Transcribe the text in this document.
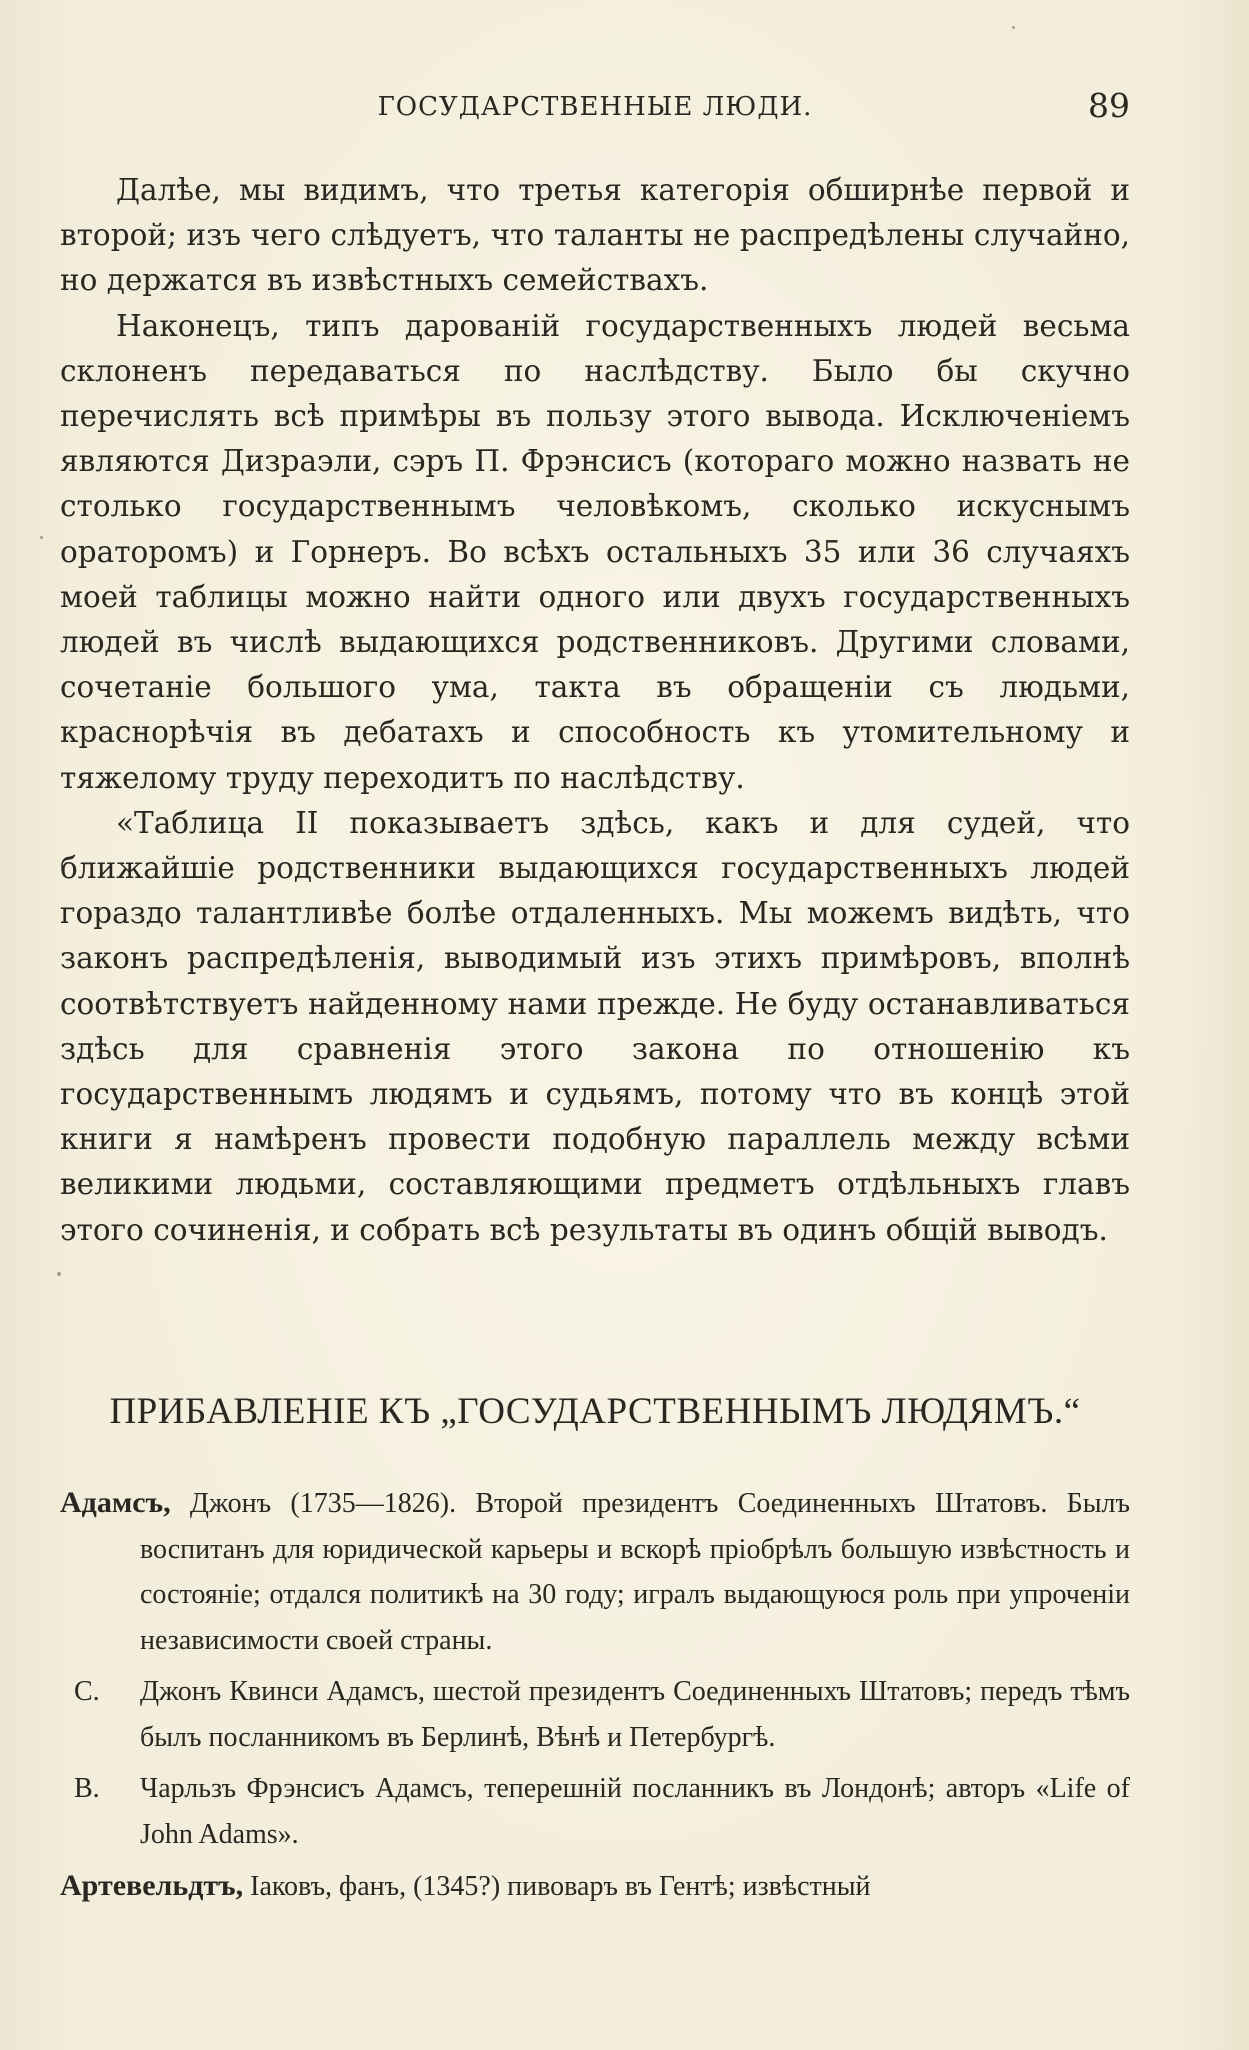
ГОСУДАРСТВЕННЫЕ ЛЮДИ.	89

Далѣе, мы видимъ, что третья категорія обширнѣе первой и второй; изъ чего слѣдуетъ, что таланты не распредѣлены случайно, но держатся въ извѣстныхъ семействахъ.

Наконецъ, типъ дарованій государственныхъ людей весьма склоненъ передаваться по наслѣдству. Было бы скучно перечислять всѣ примѣры въ пользу этого вывода. Исключеніемъ являются Дизраэли, сэръ П. Фрэнсисъ (котораго можно назвать не столько государственнымъ человѣкомъ, сколько искуснымъ ораторомъ) и Горнеръ. Во всѣхъ остальныхъ 35 или 36 случаяхъ моей таблицы можно найти одного или двухъ государственныхъ людей въ числѣ выдающихся родственниковъ. Другими словами, сочетаніе большого ума, такта въ обращеніи съ людьми, краснорѣчія въ дебатахъ и способность къ утомительному и тяжелому труду переходитъ по наслѣдству.

«Таблица II показываетъ здѣсь, какъ и для судей, что ближайшіе родственники выдающихся государственныхъ людей гораздо талантливѣе болѣе отдаленныхъ. Мы можемъ видѣть, что законъ распредѣленія, выводимый изъ этихъ примѣровъ, вполнѣ соотвѣтствуетъ найденному нами прежде. Не буду останавливаться здѣсь для сравненія этого закона по отношенію къ государственнымъ людямъ и судьямъ, потому что въ концѣ этой книги я намѣренъ провести подобную параллель между всѣми великими людьми, составляющими предметъ отдѣльныхъ главъ этого сочиненія, и собрать всѣ результаты въ одинъ общій выводъ.

ПРИБАВЛЕНІЕ КЪ „ГОСУДАРСТВЕННЫМЪ ЛЮДЯМЪ.“

Адамсъ, Джонъ (1735—1826). Второй президентъ Соединенныхъ Штатовъ. Былъ воспитанъ для юридической карьеры и вскорѣ пріобрѣлъ большую извѣстность и состояніе; отдался политикѣ на 30 году; игралъ выдающуюся роль при упроченіи независимости своей страны.

С. Джонъ Квинси Адамсъ, шестой президентъ Соединенныхъ Штатовъ; передъ тѣмъ былъ посланникомъ въ Берлинѣ, Вѣнѣ и Петербургѣ.
В. Чарльзъ Фрэнсисъ Адамсъ, теперешній посланникъ въ Лондонѣ; авторъ «Life of John Adams».

Артевельдтъ, Іаковъ, фанъ, (1345?) пивоваръ въ Гентѣ; извѣстный
